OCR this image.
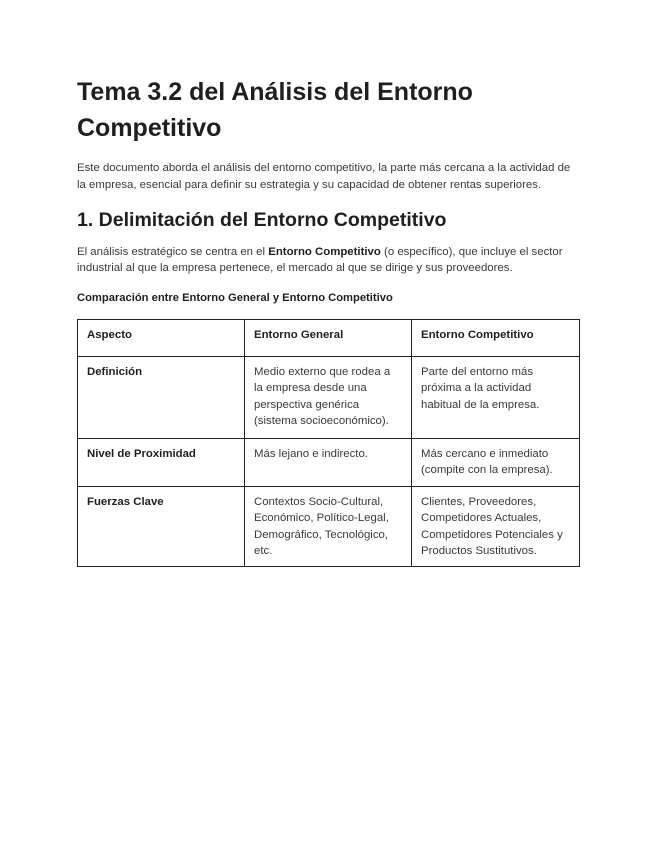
Tema 3.2 del Análisis del Entorno Competitivo

Este documento aborda el análisis del entorno competitivo, la parte más cercana a la actividad de la empresa, esencial para definir su estrategia y su capacidad de obtener rentas superiores.

1. Delimitación del Entorno Competitivo

El análisis estratégico se centra en el Entorno Competitivo (o específico), que incluye el sector industrial al que la empresa pertenece, el mercado al que se dirige y sus proveedores.

Comparación entre Entorno General y Entorno Competitivo

Aspecto	Entorno General	Entorno Competitivo
Definición	Medio externo que rodea a la empresa desde una perspectiva genérica (sistema socioeconómico).	Parte del entorno más próxima a la actividad habitual de la empresa.
Nivel de Proximidad	Más lejano e indirecto.	Más cercano e inmediato (compite con la empresa).
Fuerzas Clave	Contextos Socio-Cultural, Económico, Político-Legal, Demográfico, Tecnológico, etc.	Clientes, Proveedores, Competidores Actuales, Competidores Potenciales y Productos Sustitutivos.
